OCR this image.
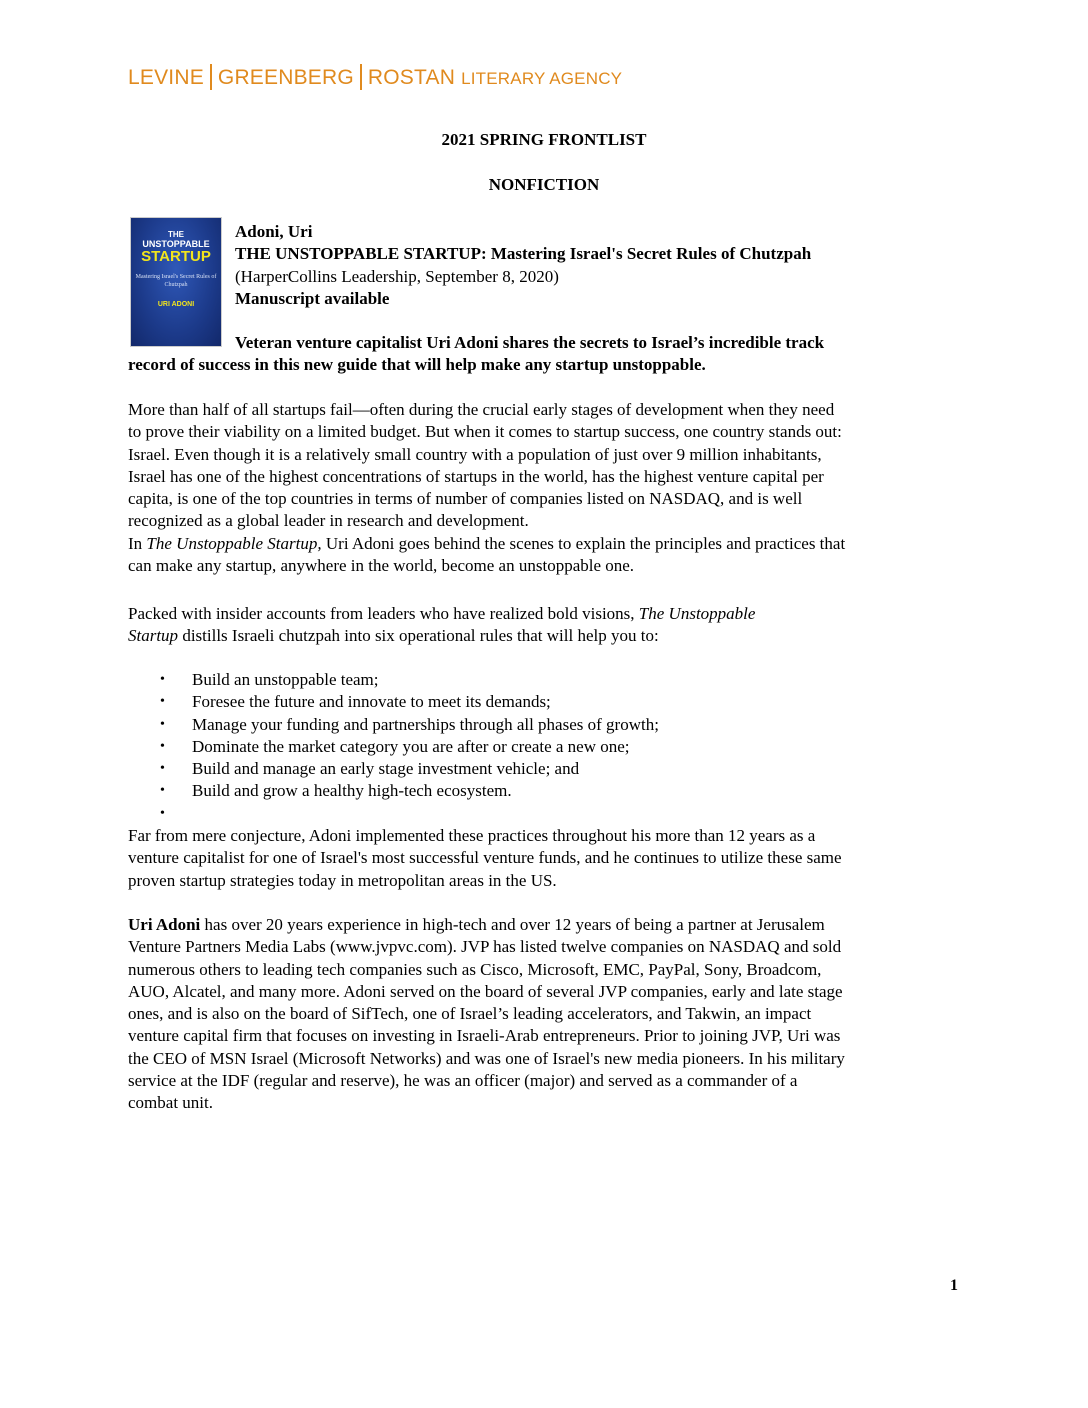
LEVINE GREENBERG ROSTAN LITERARY AGENCY
2021 SPRING FRONTLIST
NONFICTION
THE
UNSTOPPABLE
STARTUP
Mastering Israel's Secret Rules of Chutzpah
URI ADONI
Adoni, Uri
THE UNSTOPPABLE STARTUP: Mastering Israel's Secret Rules of Chutzpah
(HarperCollins Leadership, September 8, 2020)
Manuscript available
Veteran venture capitalist Uri Adoni shares the secrets to Israel’s incredible track
record of success in this new guide that will help make any startup unstoppable.
More than half of all startups fail—often during the crucial early stages of development when they need
to prove their viability on a limited budget. But when it comes to startup success, one country stands out:
Israel. Even though it is a relatively small country with a population of just over 9 million inhabitants,
Israel has one of the highest concentrations of startups in the world, has the highest venture capital per
capita, is one of the top countries in terms of number of companies listed on NASDAQ, and is well
recognized as a global leader in research and development.
In The Unstoppable Startup, Uri Adoni goes behind the scenes to explain the principles and practices that
can make any startup, anywhere in the world, become an unstoppable one.
Packed with insider accounts from leaders who have realized bold visions, The Unstoppable
Startup distills Israeli chutzpah into six operational rules that will help you to:
• Build an unstoppable team;
• Foresee the future and innovate to meet its demands;
• Manage your funding and partnerships through all phases of growth;
• Dominate the market category you are after or create a new one;
• Build and manage an early stage investment vehicle; and
• Build and grow a healthy high-tech ecosystem.
•
Far from mere conjecture, Adoni implemented these practices throughout his more than 12 years as a
venture capitalist for one of Israel's most successful venture funds, and he continues to utilize these same
proven startup strategies today in metropolitan areas in the US.
Uri Adoni has over 20 years experience in high-tech and over 12 years of being a partner at Jerusalem
Venture Partners Media Labs (www.jvpvc.com). JVP has listed twelve companies on NASDAQ and sold
numerous others to leading tech companies such as Cisco, Microsoft, EMC, PayPal, Sony, Broadcom,
AUO, Alcatel, and many more. Adoni served on the board of several JVP companies, early and late stage
ones, and is also on the board of SifTech, one of Israel’s leading accelerators, and Takwin, an impact
venture capital firm that focuses on investing in Israeli-Arab entrepreneurs. Prior to joining JVP, Uri was
the CEO of MSN Israel (Microsoft Networks) and was one of Israel's new media pioneers. In his military
service at the IDF (regular and reserve), he was an officer (major) and served as a commander of a
combat unit.
1
